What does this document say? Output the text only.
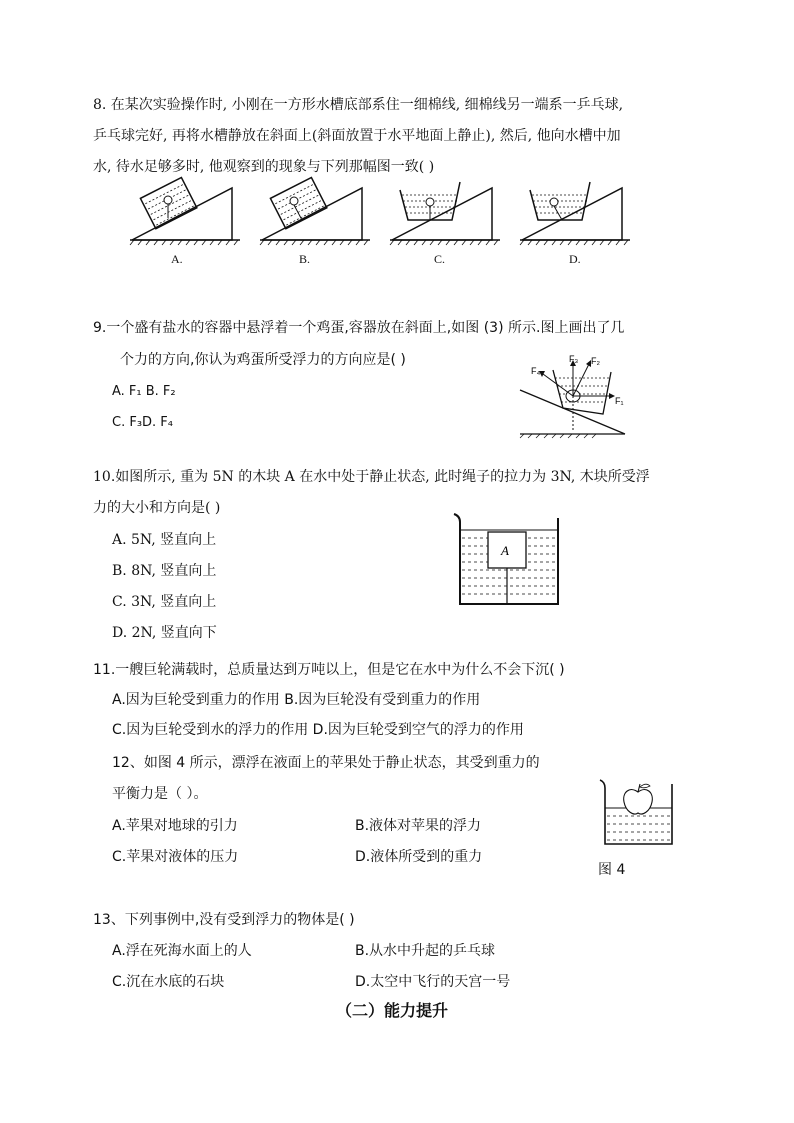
8. 在某次实验操作时, 小刚在一方形水槽底部系住一细棉线, 细棉线另一端系一乒乓球,
乒乓球完好, 再将水槽静放在斜面上(斜面放置于水平地面上静止), 然后, 他向水槽中加
水, 待水足够多时, 他观察到的现象与下列那幅图一致( )
A.	B.	C.	D.
9.一个盛有盐水的容器中悬浮着一个鸡蛋,容器放在斜面上,如图 (3) 所示.图上画出了几
个力的方向,你认为鸡蛋所受浮力的方向应是( )
A. F₁ B. F₂
C. F₃D. F₄
F₃ F₂
F₄
F₁
10.如图所示, 重为 5N 的木块 A 在水中处于静止状态, 此时绳子的拉力为 3N, 木块所受浮
力的大小和方向是( )
A. 5N, 竖直向上
B. 8N, 竖直向上
C. 3N, 竖直向上
D. 2N, 竖直向下
A
11.一艘巨轮满载时，总质量达到万吨以上，但是它在水中为什么不会下沉( )
A.因为巨轮受到重力的作用 B.因为巨轮没有受到重力的作用
C.因为巨轮受到水的浮力的作用 D.因为巨轮受到空气的浮力的作用
12、如图 4 所示，漂浮在液面上的苹果处于静止状态，其受到重力的
平衡力是（ ）。
A.苹果对地球的引力	B.液体对苹果的浮力
C.苹果对液体的压力	D.液体所受到的重力
图 4
13、下列事例中,没有受到浮力的物体是( )
A.浮在死海水面上的人	B.从水中升起的乒乓球
C.沉在水底的石块	D.太空中飞行的天宫一号
（二）能力提升
